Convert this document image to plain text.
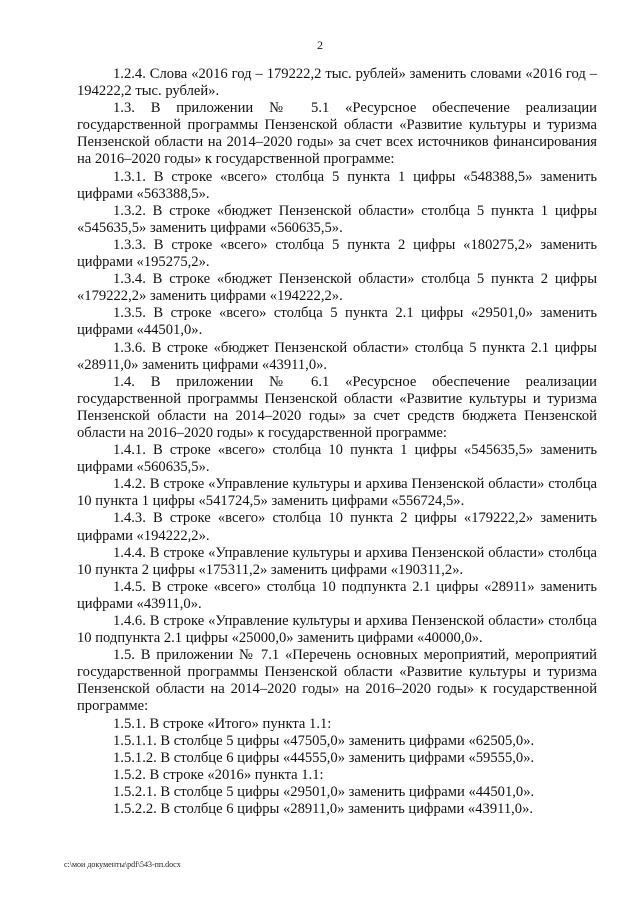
2

1.2.4. Слова «2016 год – 179222,2 тыс. рублей» заменить словами «2016 год – 194222,2 тыс. рублей».

1.3. В приложении № 5.1 «Ресурсное обеспечение реализации государственной программы Пензенской области «Развитие культуры и туризма Пензенской области на 2014–2020 годы» за счет всех источников финансирования на 2016–2020 годы» к государственной программе:

1.3.1. В строке «всего» столбца 5 пункта 1 цифры «548388,5» заменить цифрами «563388,5».

1.3.2. В строке «бюджет Пензенской области» столбца 5 пункта 1 цифры «545635,5» заменить цифрами «560635,5».

1.3.3. В строке «всего» столбца 5 пункта 2 цифры «180275,2» заменить цифрами «195275,2».

1.3.4. В строке «бюджет Пензенской области» столбца 5 пункта 2 цифры «179222,2» заменить цифрами «194222,2».

1.3.5. В строке «всего» столбца 5 пункта 2.1 цифры «29501,0» заменить цифрами «44501,0».

1.3.6. В строке «бюджет Пензенской области» столбца 5 пункта 2.1 цифры «28911,0» заменить цифрами «43911,0».

1.4. В приложении № 6.1 «Ресурсное обеспечение реализации государственной программы Пензенской области «Развитие культуры и туризма Пензенской области на 2014–2020 годы» за счет средств бюджета Пензенской области на 2016–2020 годы» к государственной программе:

1.4.1. В строке «всего» столбца 10 пункта 1 цифры «545635,5» заменить цифрами «560635,5».

1.4.2. В строке «Управление культуры и архива Пензенской области» столбца 10 пункта 1 цифры «541724,5» заменить цифрами «556724,5».

1.4.3. В строке «всего» столбца 10 пункта 2 цифры «179222,2» заменить цифрами «194222,2».

1.4.4. В строке «Управление культуры и архива Пензенской области» столбца 10 пункта 2 цифры «175311,2» заменить цифрами «190311,2».

1.4.5. В строке «всего» столбца 10 подпункта 2.1 цифры «28911» заменить цифрами «43911,0».

1.4.6. В строке «Управление культуры и архива Пензенской области» столбца 10 подпункта 2.1 цифры «25000,0» заменить цифрами «40000,0».

1.5. В приложении № 7.1 «Перечень основных мероприятий, мероприятий государственной программы Пензенской области «Развитие культуры и туризма Пензенской области на 2014–2020 годы» на 2016–2020 годы» к государственной программе:

1.5.1. В строке «Итого» пункта 1.1:

1.5.1.1. В столбце 5 цифры «47505,0» заменить цифрами «62505,0».

1.5.1.2. В столбце 6 цифры «44555,0» заменить цифрами «59555,0».

1.5.2. В строке «2016» пункта 1.1:

1.5.2.1. В столбце 5 цифры «29501,0» заменить цифрами «44501,0».

1.5.2.2. В столбце 6 цифры «28911,0» заменить цифрами «43911,0».

c:\мои документы\pdf\543-пп.docx
